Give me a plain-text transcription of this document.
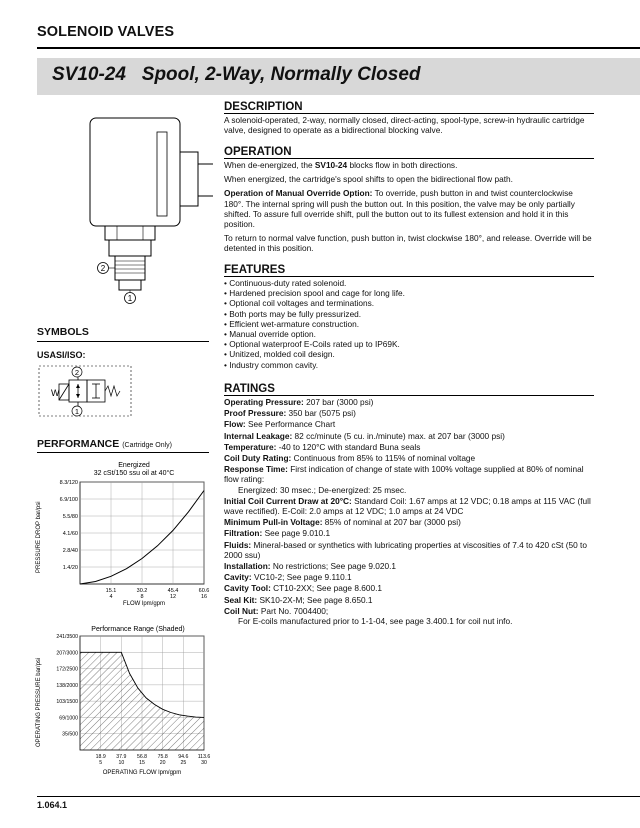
SOLENOID VALVES
SV10-24   Spool, 2-Way, Normally Closed
2
1
SYMBOLS
USASI/ISO:
W
2
1
PERFORMANCE (Cartridge Only)
Energized
32 cSt/150 ssu oil at 40°C
PRESSURE DROP bar/psi
FLOW lpm/gpm
1.4/20
2.8/40
4.1/60
5.5/80
6.9/100
8.3/120
15.1
4
30.2
8
45.4
12
60.6
16
Performance Range (Shaded)
OPERATING PRESSURE bar/psi
OPERATING FLOW lpm/gpm
35/500
69/1000
103/1500
138/2000
172/2500
207/3000
241/3500
18.9
5
37.9
10
56.8
15
75.8
20
94.6
25
113.6
30
DESCRIPTION
A solenoid-operated, 2-way, normally closed, direct-acting, spool-type, screw-in hydraulic cartridge valve, designed to operate as a bidirectional blocking valve.
OPERATION
When de-energized, the SV10-24 blocks flow in both directions.
When energized, the cartridge's spool shifts to open the bidirectional flow path.
Operation of Manual Override Option: To override, push button in and twist counterclockwise 180°. The internal spring will push the button out. In this position, the valve may be only partially shifted. To assure full override shift, pull the button out to its fullest extension and hold it in this position.
To return to normal valve function, push button in, twist clockwise 180°, and release. Override will be detented in this position.
FEATURES
• Continuous-duty rated solenoid.
• Hardened precision spool and cage for long life.
• Optional coil voltages and terminations.
• Both ports may be fully pressurized.
• Efficient wet-armature construction.
• Manual override option.
• Optional waterproof E-Coils rated up to IP69K.
• Unitized, molded coil design.
• Industry common cavity.
RATINGS
Operating Pressure: 207 bar (3000 psi)
Proof Pressure: 350 bar (5075 psi)
Flow: See Performance Chart
Internal Leakage: 82 cc/minute (5 cu. in./minute) max. at 207 bar (3000 psi)
Temperature: -40 to 120°C with standard Buna seals
Coil Duty Rating: Continuous from 85% to 115% of nominal voltage
Response Time: First indication of change of state with 100% voltage supplied at 80% of nominal flow rating:
Energized: 30 msec.; De-energized: 25 msec.
Initial Coil Current Draw at 20°C: Standard Coil: 1.67 amps at 12 VDC; 0.18 amps at 115 VAC (full wave rectified). E-Coil: 2.0 amps at 12 VDC; 1.0 amps at 24 VDC
Minimum Pull-in Voltage: 85% of nominal at 207 bar (3000 psi)
Filtration: See page 9.010.1
Fluids: Mineral-based or synthetics with lubricating properties at viscosities of 7.4 to 420 cSt (50 to 2000 ssu)
Installation: No restrictions; See page 9.020.1
Cavity: VC10-2; See page 9.110.1
Cavity Tool: CT10-2XX; See page 8.600.1
Seal Kit: SK10-2X-M; See page 8.650.1
Coil Nut: Part No. 7004400;
For E-coils manufactured prior to 1-1-04, see page 3.400.1 for coil nut info.
1.064.1
